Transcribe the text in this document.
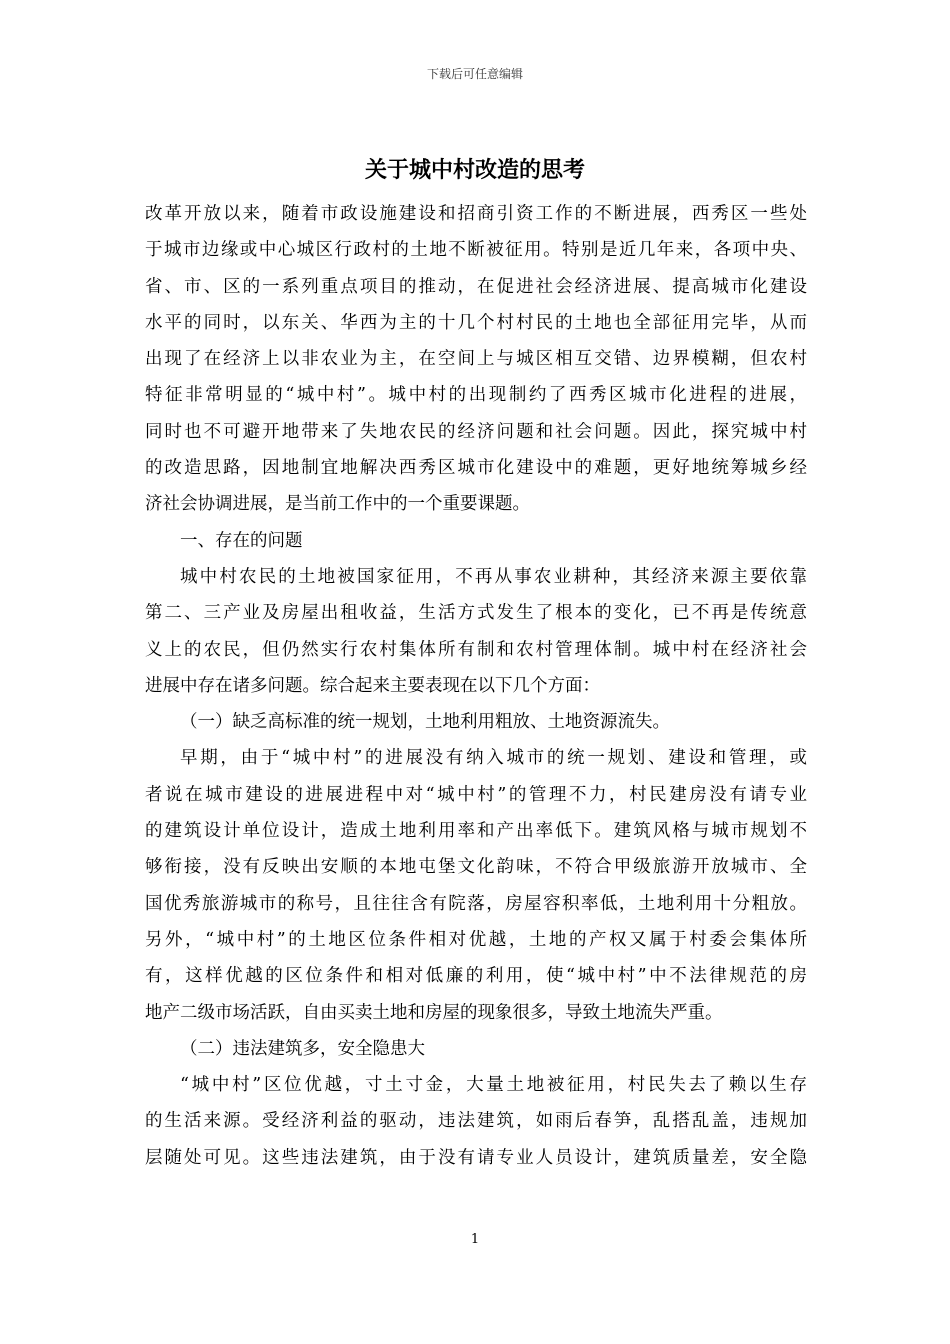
下载后可任意编辑
关于城中村改造的思考
改革开放以来，随着市政设施建设和招商引资工作的不断进展，西秀区一些处
于城市边缘或中心城区行政村的土地不断被征用。特别是近几年来，各项中央、
省、市、区的一系列重点项目的推动，在促进社会经济进展、提高城市化建设
水平的同时，以东关、华西为主的十几个村村民的土地也全部征用完毕，从而
出现了在经济上以非农业为主，在空间上与城区相互交错、边界模糊，但农村
特征非常明显的“城中村”。城中村的出现制约了西秀区城市化进程的进展，
同时也不可避开地带来了失地农民的经济问题和社会问题。因此，探究城中村
的改造思路，因地制宜地解决西秀区城市化建设中的难题，更好地统筹城乡经
济社会协调进展，是当前工作中的一个重要课题。
一、存在的问题
城中村农民的土地被国家征用，不再从事农业耕种，其经济来源主要依靠
第二、三产业及房屋出租收益，生活方式发生了根本的变化，已不再是传统意
义上的农民，但仍然实行农村集体所有制和农村管理体制。城中村在经济社会
进展中存在诸多问题。综合起来主要表现在以下几个方面：
（一）缺乏高标准的统一规划，土地利用粗放、土地资源流失。
早期，由于“城中村”的进展没有纳入城市的统一规划、建设和管理，或
者说在城市建设的进展进程中对“城中村”的管理不力，村民建房没有请专业
的建筑设计单位设计，造成土地利用率和产出率低下。建筑风格与城市规划不
够衔接，没有反映出安顺的本地屯堡文化韵味，不符合甲级旅游开放城市、全
国优秀旅游城市的称号，且往往含有院落，房屋容积率低，土地利用十分粗放。
另外，“城中村”的土地区位条件相对优越，土地的产权又属于村委会集体所
有，这样优越的区位条件和相对低廉的利用，使“城中村”中不法律规范的房
地产二级市场活跃，自由买卖土地和房屋的现象很多，导致土地流失严重。
（二）违法建筑多，安全隐患大
“城中村”区位优越，寸土寸金，大量土地被征用，村民失去了赖以生存
的生活来源。受经济利益的驱动，违法建筑，如雨后春笋，乱搭乱盖，违规加
层随处可见。这些违法建筑，由于没有请专业人员设计，建筑质量差，安全隐
1
